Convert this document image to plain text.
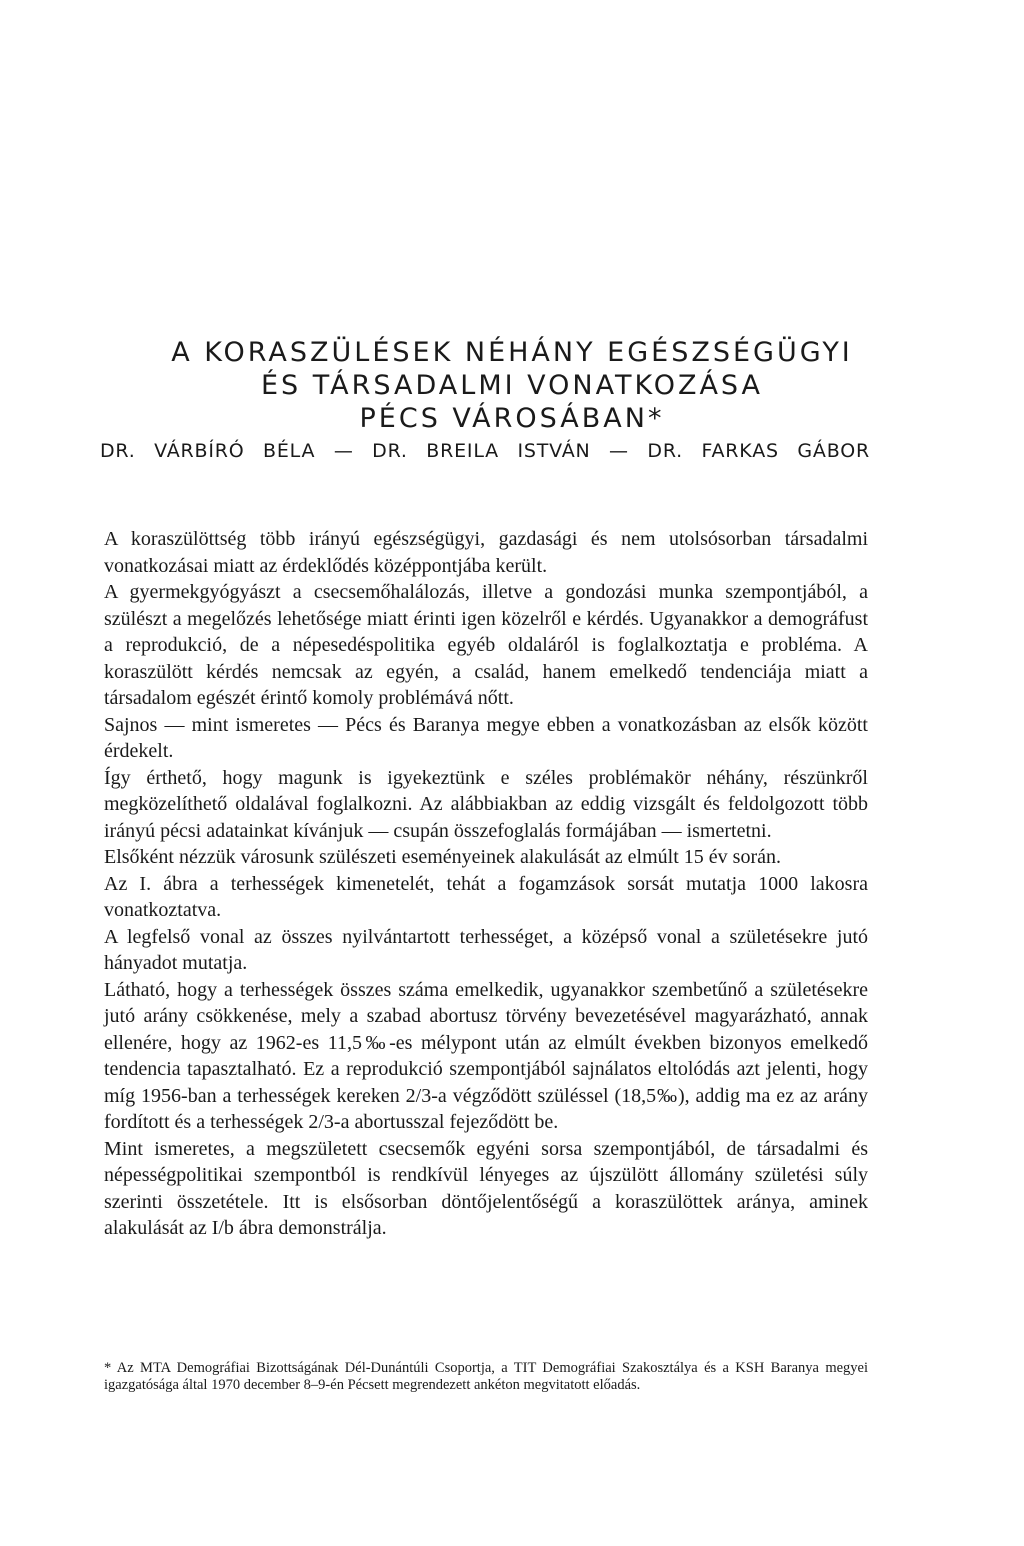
A KORASZÜLÉSEK NÉHÁNY EGÉSZSÉGÜGYI
ÉS TÁRSADALMI VONATKOZÁSA
PÉCS VÁROSÁBAN*
DR. VÁRBÍRÓ BÉLA — DR. BREILA ISTVÁN — DR. FARKAS GÁBOR

A koraszülöttség több irányú egészségügyi, gazdasági és nem utolsósorban társadalmi vonatkozásai miatt az érdeklődés középpontjába került.

A gyermekgyógyászt a csecsemőhalálozás, illetve a gondozási munka szempontjából, a szülészt a megelőzés lehetősége miatt érinti igen közelről e kérdés. Ugyanakkor a demográfust a reprodukció, de a népesedéspolitika egyéb oldaláról is foglalkoztatja e probléma. A koraszülött kérdés nemcsak az egyén, a család, hanem emelkedő tendenciája miatt a társadalom egészét érintő komoly problémává nőtt.

Sajnos — mint ismeretes — Pécs és Baranya megye ebben a vonatkozásban az elsők között érdekelt.

Így érthető, hogy magunk is igyekeztünk e széles problémakör néhány, részünkről megközelíthető oldalával foglalkozni. Az alábbiakban az eddig vizsgált és feldolgozott több irányú pécsi adatainkat kívánjuk — csupán összefoglalás formájában — ismertetni.

Elsőként nézzük városunk szülészeti eseményeinek alakulását az elmúlt 15 év során.

Az I. ábra a terhességek kimenetelét, tehát a fogamzások sorsát mutatja 1000 lakosra vonatkoztatva.

A legfelső vonal az összes nyilvántartott terhességet, a középső vonal a születésekre jutó hányadot mutatja.

Látható, hogy a terhességek összes száma emelkedik, ugyanakkor szembetűnő a születésekre jutó arány csökkenése, mely a szabad abortusz törvény bevezetésével magyarázható, annak ellenére, hogy az 1962-es 11,5‰-es mélypont után az elmúlt években bizonyos emelkedő tendencia tapasztalható. Ez a reprodukció szempontjából sajnálatos eltolódás azt jelenti, hogy míg 1956-ban a terhességek kereken 2/3-a végződött szüléssel (18,5‰), addig ma ez az arány fordított és a terhességek 2/3-a abortusszal fejeződött be.

Mint ismeretes, a megszületett csecsemők egyéni sorsa szempontjából, de társadalmi és népességpolitikai szempontból is rendkívül lényeges az újszülött állomány születési súly szerinti összetétele. Itt is elsősorban döntőjelentőségű a koraszülöttek aránya, aminek alakulását az I/b ábra demonstrálja.

* Az MTA Demográfiai Bizottságának Dél-Dunántúli Csoportja, a TIT Demográfiai Szakosztálya és a KSH Baranya megyei igazgatósága által 1970 december 8–9-én Pécsett megrendezett ankéton megvitatott előadás.
